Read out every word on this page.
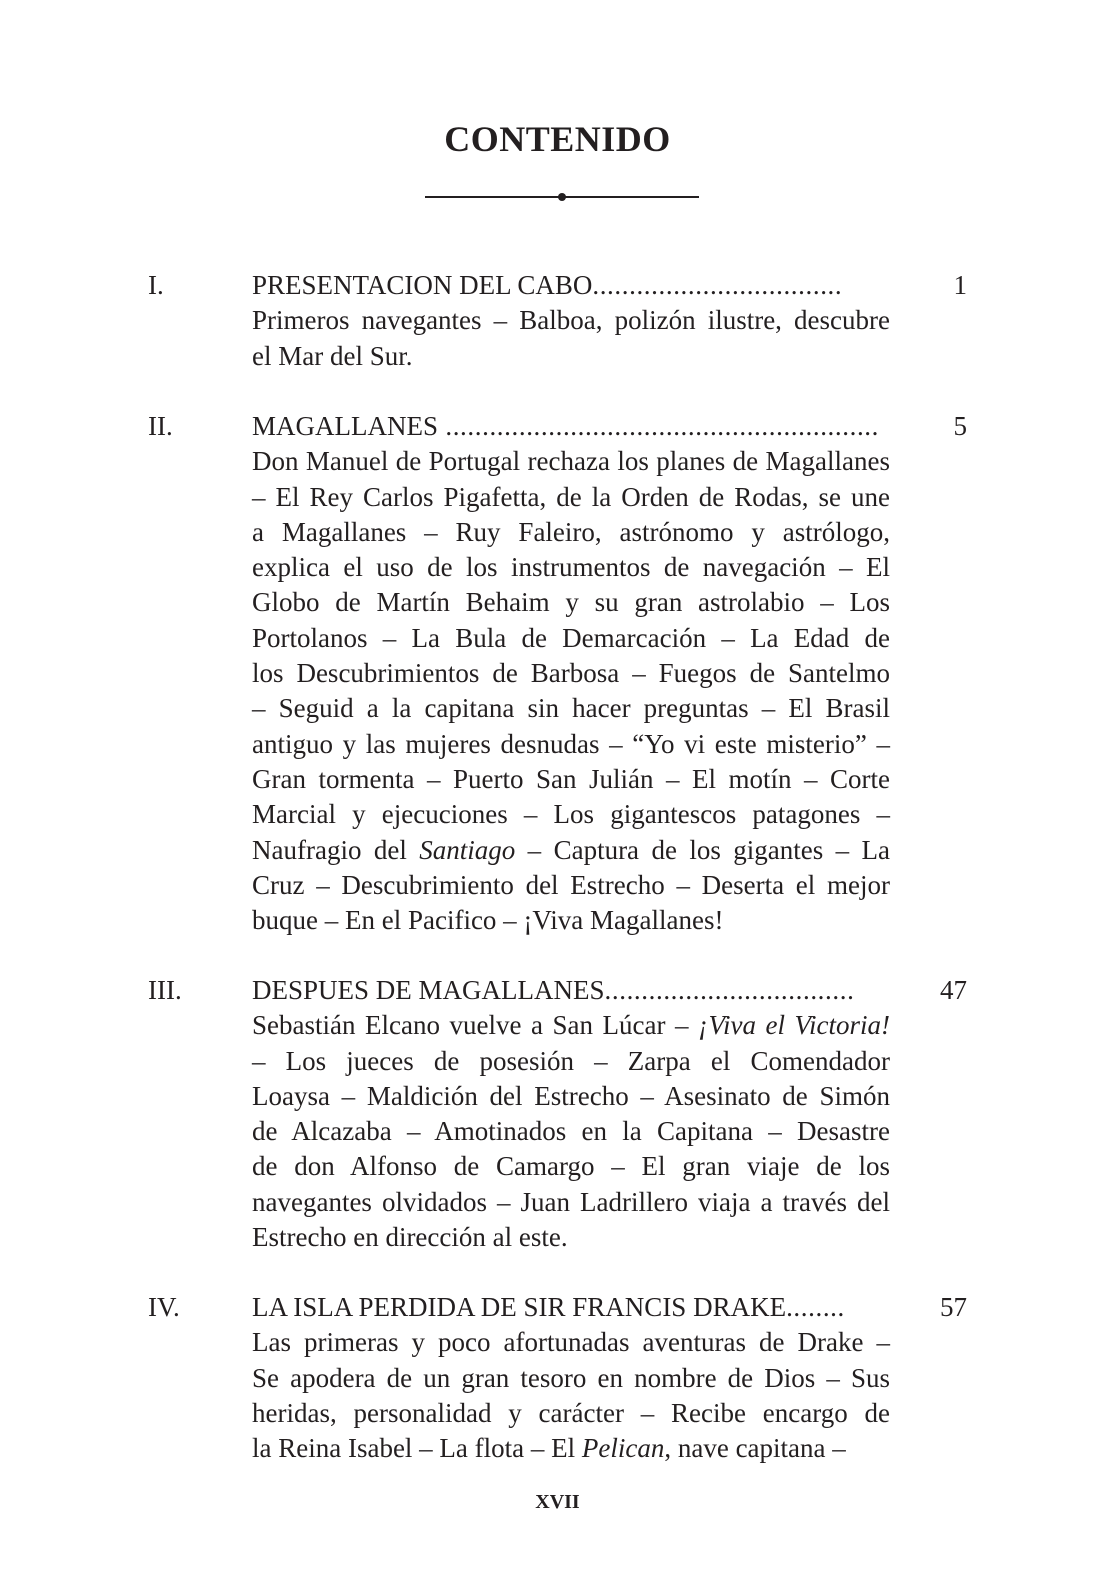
CONTENIDO
I.	PRESENTACION DEL CABO..................................	1
Primeros navegantes – Balboa, polizón ilustre, descubre
el Mar del Sur.
II.	MAGALLANES ...........................................................	5
Don Manuel de Portugal rechaza los planes de Magallanes
– El Rey Carlos Pigafetta, de la Orden de Rodas, se une
a Magallanes – Ruy Faleiro, astrónomo y astrólogo,
explica el uso de los instrumentos de navegación – El
Globo de Martín Behaim y su gran astrolabio – Los
Portolanos – La Bula de Demarcación – La Edad de
los Descubrimientos de Barbosa – Fuegos de Santelmo
– Seguid a la capitana sin hacer preguntas – El Brasil
antiguo y las mujeres desnudas – “Yo vi este misterio” –
Gran tormenta – Puerto San Julián – El motín – Corte
Marcial y ejecuciones – Los gigantescos patagones –
Naufragio del Santiago – Captura de los gigantes – La
Cruz – Descubrimiento del Estrecho – Deserta el mejor
buque – En el Pacifico – ¡Viva Magallanes!
III.	DESPUES DE MAGALLANES..................................	47
Sebastián Elcano vuelve a San Lúcar – ¡Viva el Victoria!
– Los jueces de posesión – Zarpa el Comendador
Loaysa – Maldición del Estrecho – Asesinato de Simón
de Alcazaba – Amotinados en la Capitana – Desastre
de don Alfonso de Camargo – El gran viaje de los
navegantes olvidados – Juan Ladrillero viaja a través del
Estrecho en dirección al este.
IV.	LA ISLA PERDIDA DE SIR FRANCIS DRAKE........	57
Las primeras y poco afortunadas aventuras de Drake –
Se apodera de un gran tesoro en nombre de Dios – Sus
heridas, personalidad y carácter – Recibe encargo de
la Reina Isabel – La flota – El Pelican, nave capitana –
XVII
